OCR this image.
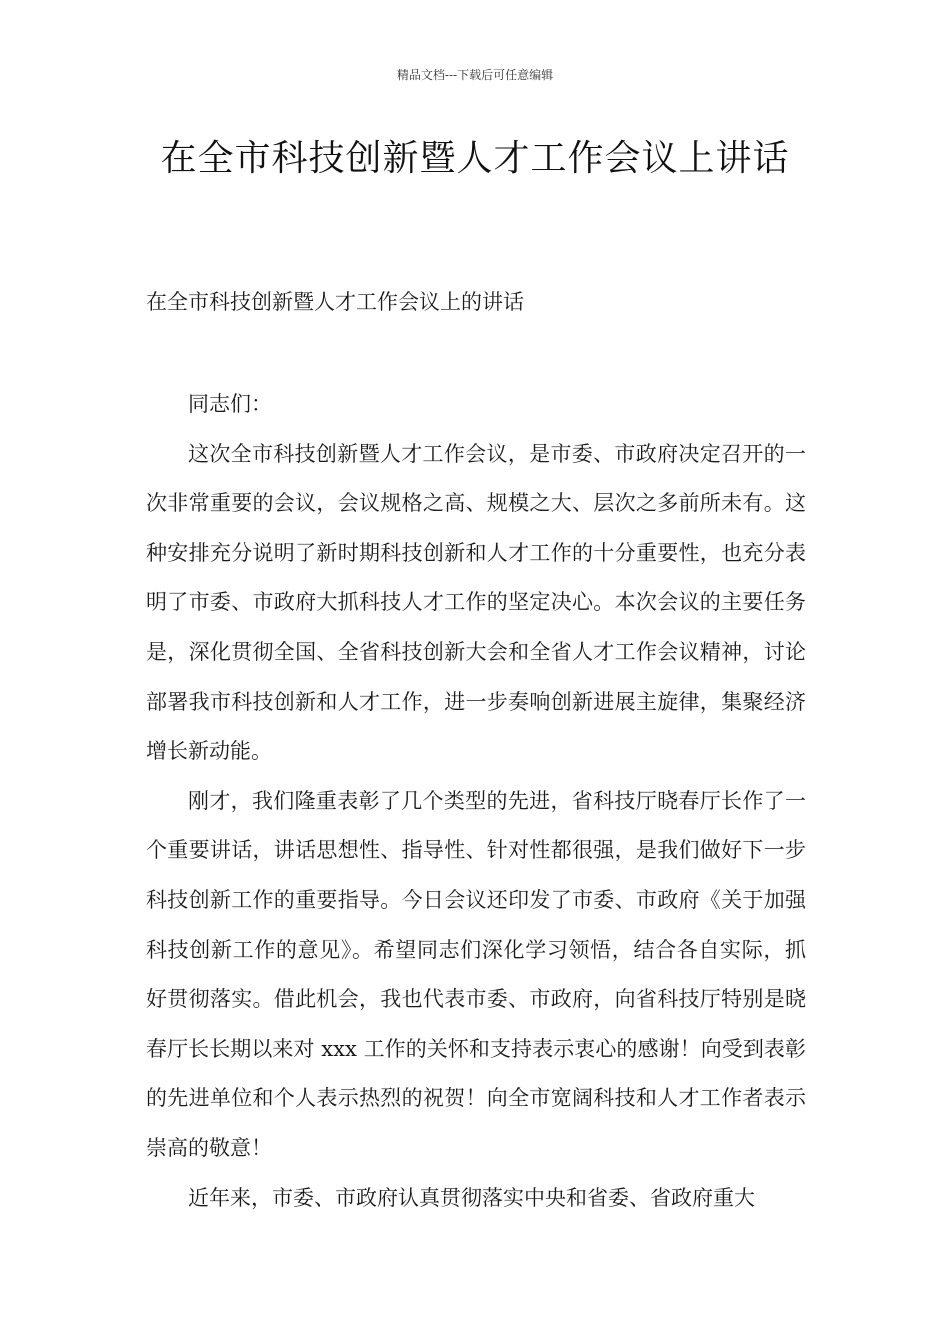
精品文档---下载后可任意编辑
在全市科技创新暨人才工作会议上讲话
在全市科技创新暨人才工作会议上的讲话

同志们：

这次全市科技创新暨人才工作会议，是市委、市政府决定召开的一次非常重要的会议，会议规格之高、规模之大、层次之多前所未有。这种安排充分说明了新时期科技创新和人才工作的十分重要性，也充分表明了市委、市政府大抓科技人才工作的坚定决心。本次会议的主要任务是，深化贯彻全国、全省科技创新大会和全省人才工作会议精神，讨论部署我市科技创新和人才工作，进一步奏响创新进展主旋律，集聚经济增长新动能。

刚才，我们隆重表彰了几个类型的先进，省科技厅晓春厅长作了一个重要讲话，讲话思想性、指导性、针对性都很强，是我们做好下一步科技创新工作的重要指导。今日会议还印发了市委、市政府《关于加强科技创新工作的意见》。希望同志们深化学习领悟，结合各自实际，抓好贯彻落实。借此机会，我也代表市委、市政府，向省科技厅特别是晓春厅长长期以来对 xxx 工作的关怀和支持表示衷心的感谢！向受到表彰的先进单位和个人表示热烈的祝贺！向全市宽阔科技和人才工作者表示崇高的敬意！

近年来，市委、市政府认真贯彻落实中央和省委、省政府重大
